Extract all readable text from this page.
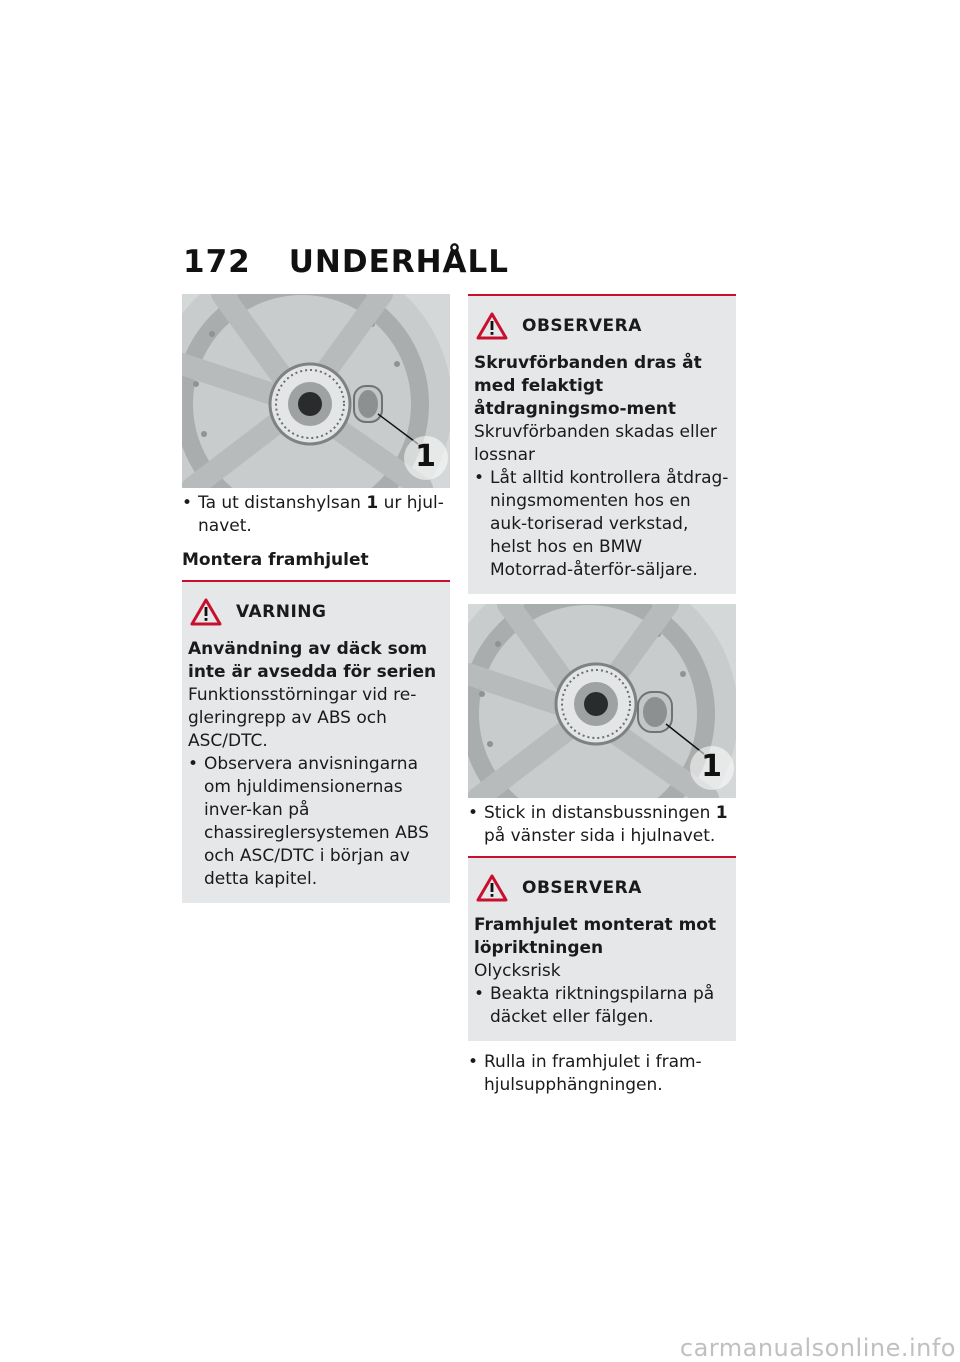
172 UNDERHÅLL
1

• Ta ut distanshylsan 1 ur hjul-navet.

Montera framhjulet
VARNING
Användning av däck som inte är avsedda för serien
Funktionsstörningar vid re-gleringrepp av ABS och ASC/DTC.
• Observera anvisningarna om hjuldimensionernas inver-kan på chassireglersystemen ABS och ASC/DTC i början av detta kapitel.
OBSERVERA
Skruvförbanden dras åt med felaktigt åtdragningsmo-ment
Skruvförbanden skadas eller lossnar
• Låt alltid kontrollera åtdrag-ningsmomenten hos en auk-toriserad verkstad, helst hos en BMW Motorrad-återför-säljare.
1

• Stick in distansbussningen 1 på vänster sida i hjulnavet.

OBSERVERA
Framhjulet monterat mot löpriktningen
Olycksrisk
• Beakta riktningspilarna på däcket eller fälgen.

• Rulla in framhjulet i fram-hjulsupphängningen.

carmanualsonline.info
